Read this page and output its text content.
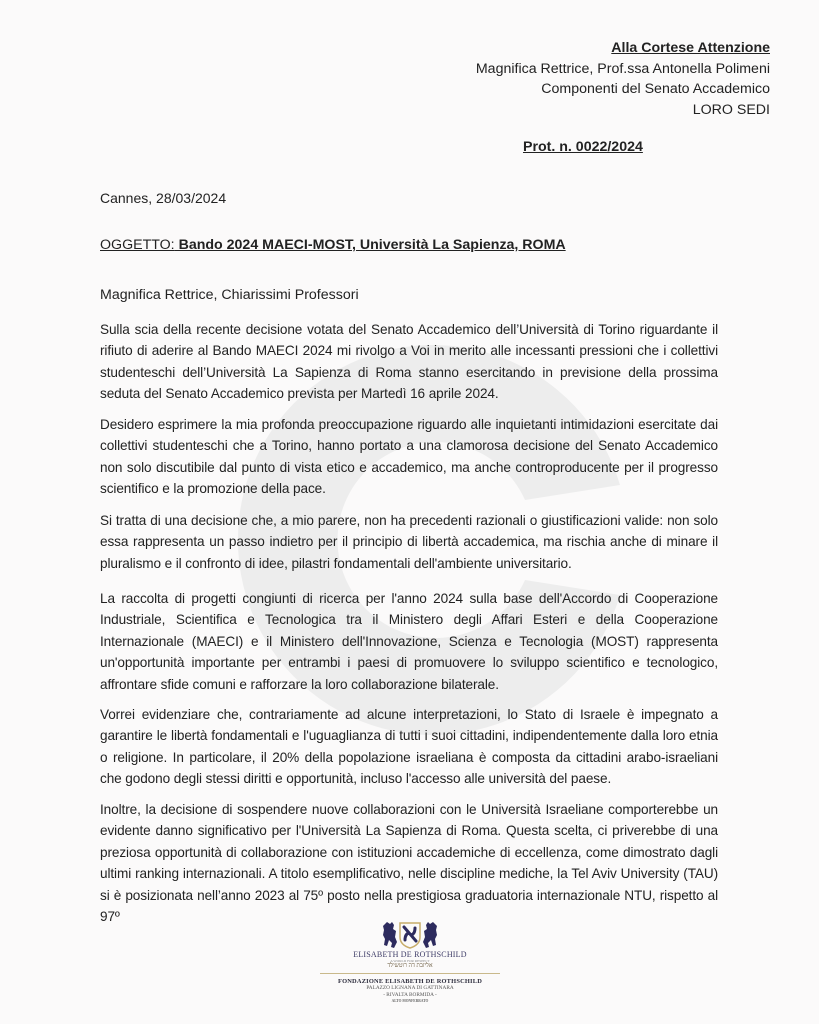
Alla Cortese Attenzione
Magnifica Rettrice, Prof.ssa Antonella Polimeni
Componenti del Senato Accademico
LORO SEDI
Prot. n. 0022/2024
Cannes, 28/03/2024
OGGETTO: Bando 2024 MAECI-MOST, Università La Sapienza, ROMA
Magnifica Rettrice, Chiarissimi Professori
Sulla scia della recente decisione votata del Senato Accademico dell’Università di Torino riguardante il rifiuto di aderire al Bando MAECI 2024 mi rivolgo a Voi in merito alle incessanti pressioni che i collettivi studenteschi dell’Università La Sapienza di Roma stanno esercitando in previsione della prossima seduta del Senato Accademico prevista per Martedì 16 aprile 2024.
Desidero esprimere la mia profonda preoccupazione riguardo alle inquietanti intimidazioni esercitate dai collettivi studenteschi che a Torino, hanno portato a una clamorosa decisione del Senato Accademico non solo discutibile dal punto di vista etico e accademico, ma anche controproducente per il progresso scientifico e la promozione della pace.
Si tratta di una decisione che, a mio parere, non ha precedenti razionali o giustificazioni valide: non solo essa rappresenta un passo indietro per il principio di libertà accademica, ma rischia anche di minare il pluralismo e il confronto di idee, pilastri fondamentali dell'ambiente universitario.
La raccolta di progetti congiunti di ricerca per l'anno 2024 sulla base dell'Accordo di Cooperazione Industriale, Scientifica e Tecnologica tra il Ministero degli Affari Esteri e della Cooperazione Internazionale (MAECI) e il Ministero dell'Innovazione, Scienza e Tecnologia (MOST) rappresenta un'opportunità importante per entrambi i paesi di promuovere lo sviluppo scientifico e tecnologico, affrontare sfide comuni e rafforzare la loro collaborazione bilaterale.
Vorrei evidenziare che, contrariamente ad alcune interpretazioni, lo Stato di Israele è impegnato a garantire le libertà fondamentali e l'uguaglianza di tutti i suoi cittadini, indipendentemente dalla loro etnia o religione. In particolare, il 20% della popolazione israeliana è composta da cittadini arabo-israeliani che godono degli stessi diritti e opportunità, incluso l'accesso alle università del paese.
Inoltre, la decisione di sospendere nuove collaborazioni con le Università Israeliane comporterebbe un evidente danno significativo per l'Università La Sapienza di Roma. Questa scelta, ci priverebbe di una preziosa opportunità di collaborazione con istituzioni accademiche di eccellenza, come dimostrato dagli ultimi ranking internazionali. A titolo esemplificativo, nelle discipline mediche, la Tel Aviv University (TAU) si è posizionata nell’anno 2023 al 75º posto nella prestigiosa graduatoria internazionale NTU, rispetto al 97º
ELISABETH DE ROTHSCHILD
A WORLD FOR RESPECT
אליזבת דה רוטשילד
FONDAZIONE ELISABETH DE ROTHSCHILD
PALAZZO LIGNANA DI GATTINARA
- RIVALTA BORMIDA -
ALTO MONFERRATO
